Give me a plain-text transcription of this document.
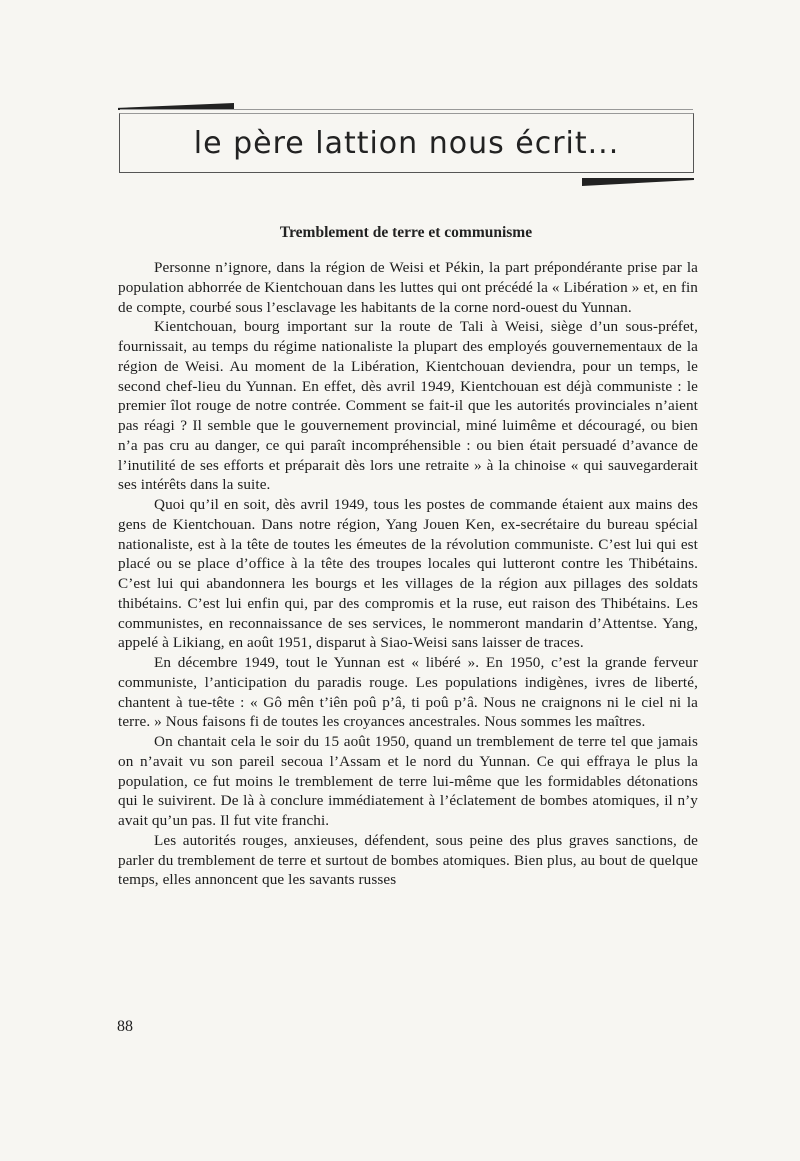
le père lattion nous écrit...
Tremblement de terre et communisme

Personne n’ignore, dans la région de Weisi et Pékin, la part prépondérante prise par la population abhorrée de Kientchouan dans les luttes qui ont précédé la « Libération » et, en fin de compte, courbé sous l’esclavage les habitants de la corne nord-ouest du Yunnan.

Kientchouan, bourg important sur la route de Tali à Weisi, siège d’un sous-préfet, fournissait, au temps du régime nationaliste la plupart des employés gouvernementaux de la région de Weisi. Au moment de la Libération, Kientchouan deviendra, pour un temps, le second chef-lieu du Yunnan. En effet, dès avril 1949, Kientchouan est déjà communiste : le premier îlot rouge de notre contrée. Comment se fait-il que les autorités provinciales n’aient pas réagi ? Il semble que le gouvernement provincial, miné luimême et découragé, ou bien n’a pas cru au danger, ce qui paraît incompréhensible : ou bien était persuadé d’avance de l’inutilité de ses efforts et préparait dès lors une retraite » à la chinoise « qui sauvegarderait ses intérêts dans la suite.

Quoi qu’il en soit, dès avril 1949, tous les postes de commande étaient aux mains des gens de Kientchouan. Dans notre région, Yang Jouen Ken, ex-secrétaire du bureau spécial nationaliste, est à la tête de toutes les émeutes de la révolution communiste. C’est lui qui est placé ou se place d’office à la tête des troupes locales qui lutteront contre les Thibétains. C’est lui qui abandonnera les bourgs et les villages de la région aux pillages des soldats thibétains. C’est lui enfin qui, par des compromis et la ruse, eut raison des Thibétains. Les communistes, en reconnaissance de ses services, le nommeront mandarin d’Attentse. Yang, appelé à Likiang, en août 1951, disparut à Siao-Weisi sans laisser de traces.

En décembre 1949, tout le Yunnan est « libéré ». En 1950, c’est la grande ferveur communiste, l’anticipation du paradis rouge. Les populations indigènes, ivres de liberté, chantent à tue-tête : « Gô mên t’iên poû p’â, ti poû p’â. Nous ne craignons ni le ciel ni la terre. » Nous faisons fi de toutes les croyances ancestrales. Nous sommes les maîtres.

On chantait cela le soir du 15 août 1950, quand un tremblement de terre tel que jamais on n’avait vu son pareil secoua l’Assam et le nord du Yunnan. Ce qui effraya le plus la population, ce fut moins le tremblement de terre lui-même que les formidables détonations qui le suivirent. De là à conclure immédiatement à l’éclatement de bombes atomiques, il n’y avait qu’un pas. Il fut vite franchi.

Les autorités rouges, anxieuses, défendent, sous peine des plus graves sanctions, de parler du tremblement de terre et surtout de bombes atomiques. Bien plus, au bout de quelque temps, elles annoncent que les savants russes

88
